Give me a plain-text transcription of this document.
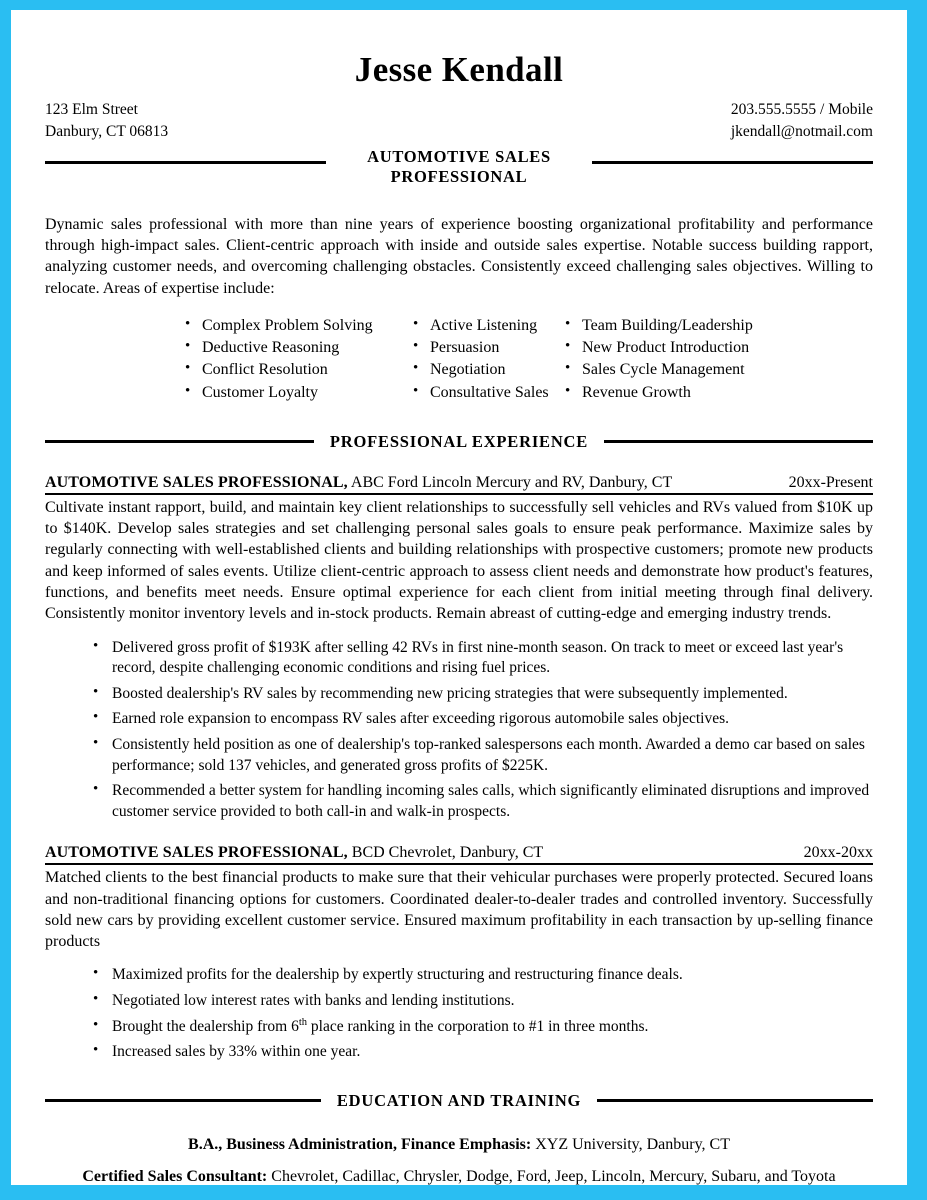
Jesse Kendall
123 Elm Street
Danbury, CT 06813
203.555.5555 / Mobile
jkendall@notmail.com
AUTOMOTIVE SALES
PROFESSIONAL
Dynamic sales professional with more than nine years of experience boosting organizational profitability and performance through high-impact sales. Client-centric approach with inside and outside sales expertise. Notable success building rapport, analyzing customer needs, and overcoming challenging obstacles. Consistently exceed challenging sales objectives. Willing to relocate. Areas of expertise include:
• Complex Problem Solving
• Deductive Reasoning
• Conflict Resolution
• Customer Loyalty
• Active Listening
• Persuasion
• Negotiation
• Consultative Sales
• Team Building/Leadership
• New Product Introduction
• Sales Cycle Management
• Revenue Growth
PROFESSIONAL EXPERIENCE
AUTOMOTIVE SALES PROFESSIONAL, ABC Ford Lincoln Mercury and RV, Danbury, CT	20xx-Present
Cultivate instant rapport, build, and maintain key client relationships to successfully sell vehicles and RVs valued from $10K up to $140K. Develop sales strategies and set challenging personal sales goals to ensure peak performance. Maximize sales by regularly connecting with well-established clients and building relationships with prospective customers; promote new products and keep informed of sales events. Utilize client-centric approach to assess client needs and demonstrate how product's features, functions, and benefits meet needs. Ensure optimal experience for each client from initial meeting through final delivery. Consistently monitor inventory levels and in-stock products. Remain abreast of cutting-edge and emerging industry trends.
• Delivered gross profit of $193K after selling 42 RVs in first nine-month season. On track to meet or exceed last year's record, despite challenging economic conditions and rising fuel prices.
• Boosted dealership's RV sales by recommending new pricing strategies that were subsequently implemented.
• Earned role expansion to encompass RV sales after exceeding rigorous automobile sales objectives.
• Consistently held position as one of dealership's top-ranked salespersons each month. Awarded a demo car based on sales performance; sold 137 vehicles, and generated gross profits of $225K.
• Recommended a better system for handling incoming sales calls, which significantly eliminated disruptions and improved customer service provided to both call-in and walk-in prospects.
AUTOMOTIVE SALES PROFESSIONAL, BCD Chevrolet, Danbury, CT	20xx-20xx
Matched clients to the best financial products to make sure that their vehicular purchases were properly protected. Secured loans and non-traditional financing options for customers. Coordinated dealer-to-dealer trades and controlled inventory. Successfully sold new cars by providing excellent customer service. Ensured maximum profitability in each transaction by up-selling finance products
• Maximized profits for the dealership by expertly structuring and restructuring finance deals.
• Negotiated low interest rates with banks and lending institutions.
• Brought the dealership from 6th place ranking in the corporation to #1 in three months.
• Increased sales by 33% within one year.
EDUCATION AND TRAINING
B.A., Business Administration, Finance Emphasis: XYZ University, Danbury, CT
Certified Sales Consultant: Chevrolet, Cadillac, Chrysler, Dodge, Ford, Jeep, Lincoln, Mercury, Subaru, and Toyota
